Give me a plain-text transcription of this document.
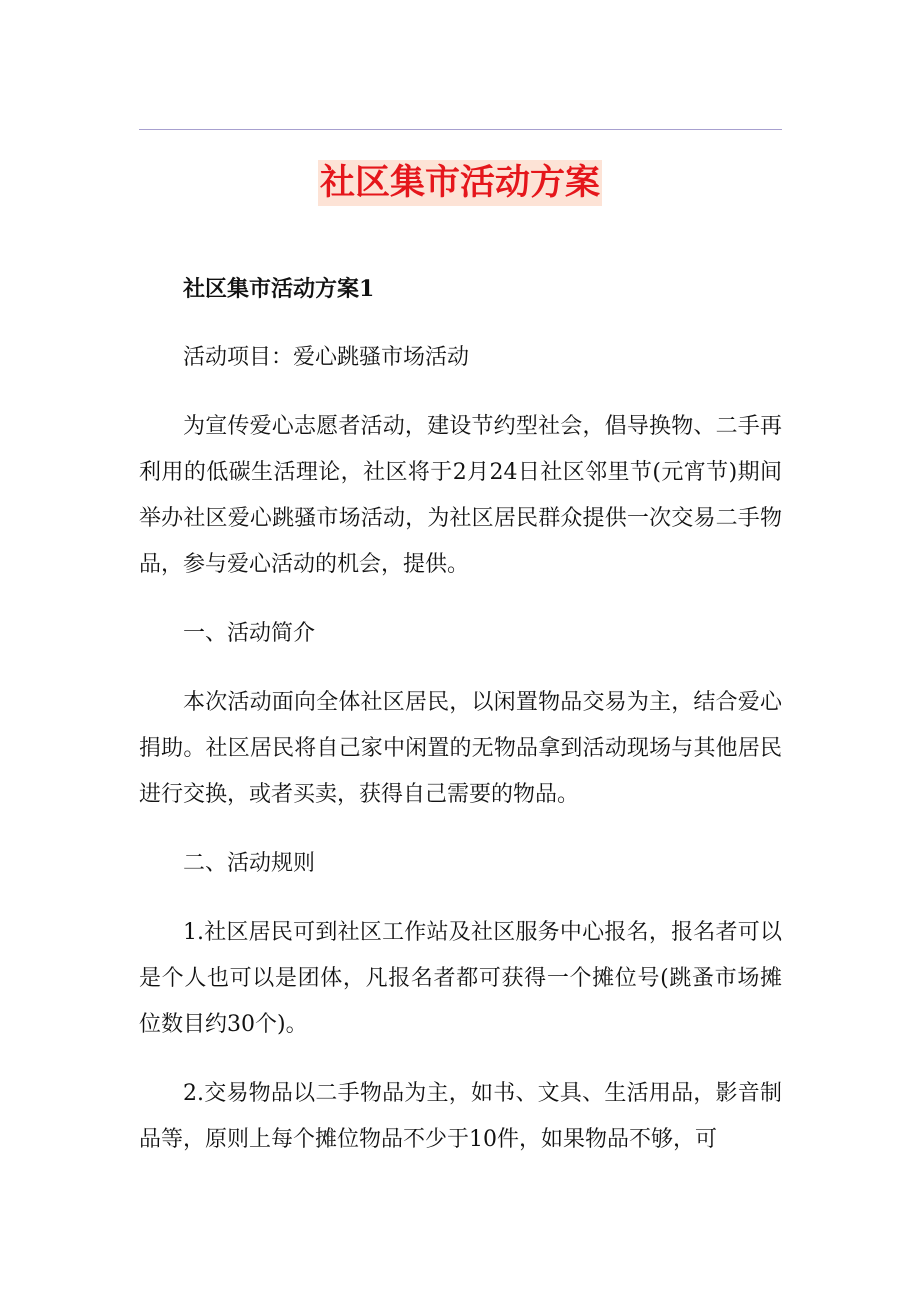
社区集市活动方案

社区集市活动方案1

活动项目：爱心跳骚市场活动

为宣传爱心志愿者活动，建设节约型社会，倡导换物、二手再利用的低碳生活理论，社区将于2月24日社区邻里节(元宵节)期间举办社区爱心跳骚市场活动，为社区居民群众提供一次交易二手物品，参与爱心活动的机会，提供。

一、活动简介

本次活动面向全体社区居民，以闲置物品交易为主，结合爱心捐助。社区居民将自己家中闲置的无物品拿到活动现场与其他居民进行交换，或者买卖，获得自己需要的物品。

二、活动规则

1.社区居民可到社区工作站及社区服务中心报名，报名者可以是个人也可以是团体，凡报名者都可获得一个摊位号(跳蚤市场摊位数目约30个)。

2.交易物品以二手物品为主，如书、文具、生活用品，影音制品等，原则上每个摊位物品不少于10件，如果物品不够，可
